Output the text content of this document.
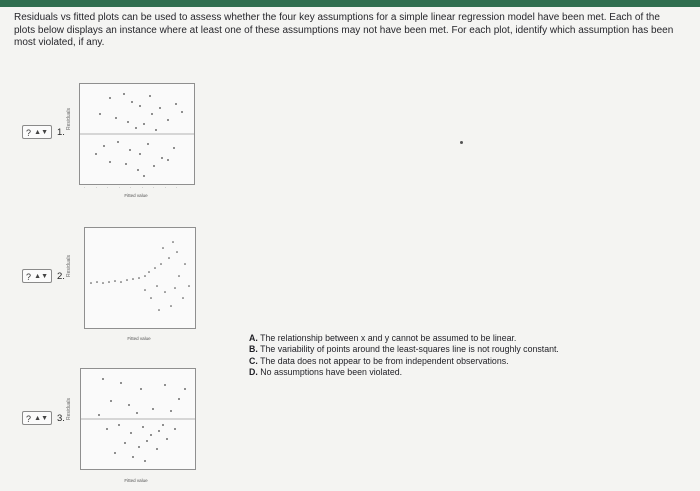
Residuals vs fitted plots can be used to assess whether the four key assumptions for a simple linear regression model have been met. Each of the plots below displays an instance where at least one of these assumptions may not have been met. For each plot, identify which assumption has been most violated, if any.
? ▲▼ 1.
Residuals
·········
Fitted value
? ▲▼ 2. Residuals
Fitted value
? ▲▼ 3. Residuals
Fitted value
A. The relationship between x and y cannot be assumed to be linear.
B. The variability of points around the least-squares line is not roughly constant.
C. The data does not appear to be from independent observations.
D. No assumptions have been violated.
